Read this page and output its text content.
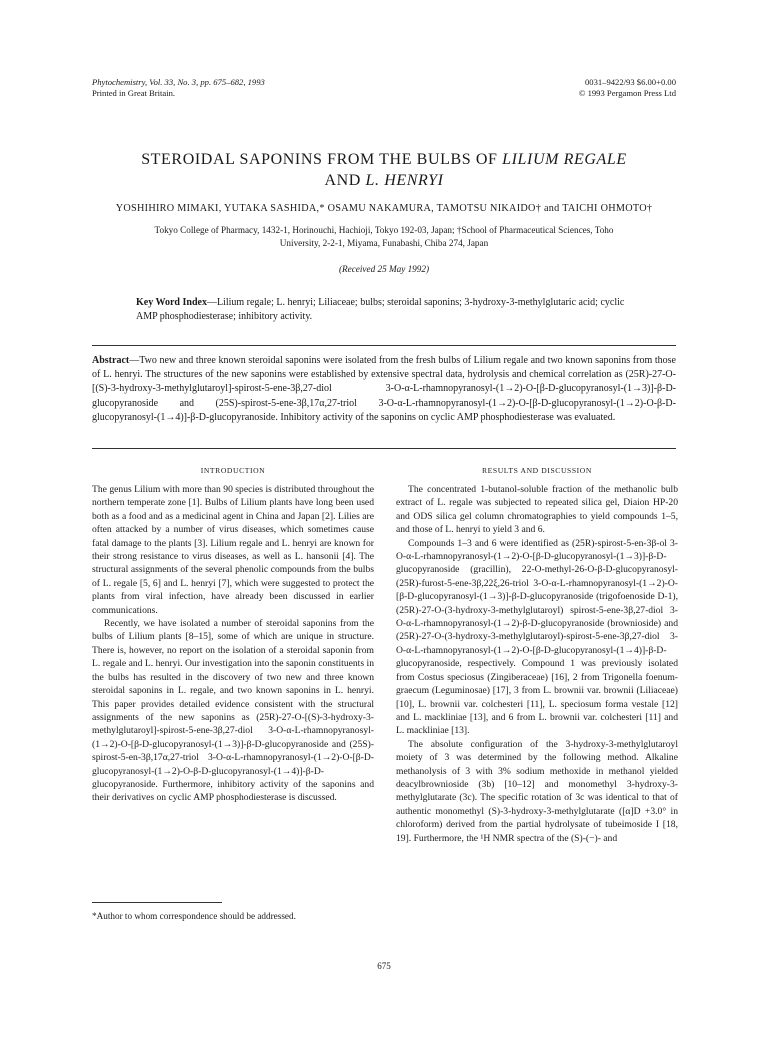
Phytochemistry, Vol. 33, No. 3, pp. 675–682, 1993
Printed in Great Britain.
0031–9422/93 $6.00+0.00
© 1993 Pergamon Press Ltd
STEROIDAL SAPONINS FROM THE BULBS OF LILIUM REGALE
AND L. HENRYI
YOSHIHIRO MIMAKI, YUTAKA SASHIDA,* OSAMU NAKAMURA, TAMOTSU NIKAIDO† and TAICHI OHMOTO†
Tokyo College of Pharmacy, 1432-1, Horinouchi, Hachioji, Tokyo 192-03, Japan; †School of Pharmaceutical Sciences, Toho
University, 2-2-1, Miyama, Funabashi, Chiba 274, Japan
(Received 25 May 1992)
Key Word Index—Lilium regale; L. henryi; Liliaceae; bulbs; steroidal saponins; 3-hydroxy-3-methylglutaric acid; cyclic AMP phosphodiesterase; inhibitory activity.

Abstract—Two new and three known steroidal saponins were isolated from the fresh bulbs of Lilium regale and two known saponins from those of L. henryi. The structures of the new saponins were established by extensive spectral data, hydrolysis and chemical correlation as (25R)-27-O-[(S)-3-hydroxy-3-methylglutaroyl]-spirost-5-ene-3β,27-diol 3-O-α-L-rhamnopyranosyl-(1→2)-O-[β-D-glucopyranosyl-(1→3)]-β-D-glucopyranoside and (25S)-spirost-5-ene-3β,17α,27-triol 3-O-α-L-rhamnopyranosyl-(1→2)-O-[β-D-glucopyranosyl-(1→2)-O-β-D-glucopyranosyl-(1→4)]-β-D-glucopyranoside. Inhibitory activity of the saponins on cyclic AMP phosphodiesterase was evaluated.

INTRODUCTION	RESULTS AND DISCUSSION

The genus Lilium with more than 90 species is distributed throughout the northern temperate zone [1]. Bulbs of Lilium plants have long been used both as a food and as a medicinal agent in China and Japan [2]. Lilies are often attacked by a number of virus diseases, which sometimes cause fatal damage to the plants [3]. Lilium regale and L. henryi are known for their strong resistance to virus diseases, as well as L. hansonii [4]. The structural assignments of the several phenolic compounds from the bulbs of L. regale [5, 6] and L. henryi [7], which were suggested to protect the plants from viral infection, have already been discussed in earlier communications.

Recently, we have isolated a number of steroidal saponins from the bulbs of Lilium plants [8–15], some of which are unique in structure. There is, however, no report on the isolation of a steroidal saponin from L. regale and L. henryi. Our investigation into the saponin constituents in the bulbs has resulted in the discovery of two new and three known steroidal saponins in L. regale, and two known saponins in L. henryi. This paper provides detailed evidence consistent with the structural assignments of the new saponins as (25R)-27-O-[(S)-3-hydroxy-3-methylglutaroyl]-spirost-5-ene-3β,27-diol 3-O-α-L-rhamnopyranosyl-(1→2)-O-[β-D-glucopyranosyl-(1→3)]-β-D-glucopyranoside and (25S)-spirost-5-en-3β,17α,27-triol 3-O-α-L-rhamnopyranosyl-(1→2)-O-[β-D-glucopyranosyl-(1→2)-O-β-D-glucopyranosyl-(1→4)]-β-D-glucopyranoside. Furthermore, inhibitory activity of the saponins and their derivatives on cyclic AMP phosphodiesterase is discussed.

The concentrated 1-butanol-soluble fraction of the methanolic bulb extract of L. regale was subjected to repeated silica gel, Diaion HP-20 and ODS silica gel column chromatographies to yield compounds 1–5, and those of L. henryi to yield 3 and 6.

Compounds 1–3 and 6 were identified as (25R)-spirost-5-en-3β-ol 3-O-α-L-rhamnopyranosyl-(1→2)-O-[β-D-glucopyranosyl-(1→3)]-β-D-glucopyranoside (gracillin), 22-O-methyl-26-O-β-D-glucopyranosyl-(25R)-furost-5-ene-3β,22ξ,26-triol 3-O-α-L-rhamnopyranosyl-(1→2)-O-[β-D-glucopyranosyl-(1→3)]-β-D-glucopyranoside (trigofoenoside D-1), (25R)-27-O-(3-hydroxy-3-methylglutaroyl) spirost-5-ene-3β,27-diol 3-O-α-L-rhamnopyranosyl-(1→2)-β-D-glucopyranoside (brownioside) and (25R)-27-O-(3-hydroxy-3-methylglutaroyl)-spirost-5-ene-3β,27-diol 3-O-α-L-rhamnopyranosyl-(1→2)-O-[β-D-glucopyranosyl-(1→4)]-β-D-glucopyranoside, respectively. Compound 1 was previously isolated from Costus speciosus (Zingiberaceae) [16], 2 from Trigonella foenum-graecum (Leguminosae) [17], 3 from L. brownii var. brownii (Liliaceae) [10], L. brownii var. colchesteri [11], L. speciosum forma vestale [12] and L. mackliniae [13], and 6 from L. brownii var. colchesteri [11] and L. mackliniae [13].

The absolute configuration of the 3-hydroxy-3-methylglutaroyl moiety of 3 was determined by the following method. Alkaline methanolysis of 3 with 3% sodium methoxide in methanol yielded deacylbrownioside (3b) [10–12] and monomethyl 3-hydroxy-3-methylglutarate (3c). The specific rotation of 3c was identical to that of authentic monomethyl (S)-3-hydroxy-3-methylglutarate ([α]D +3.0° in chloroform) derived from the partial hydrolysate of tubeimoside I [18, 19]. Furthermore, the ¹H NMR spectra of the (S)-(−)- and

*Author to whom correspondence should be addressed.
675
